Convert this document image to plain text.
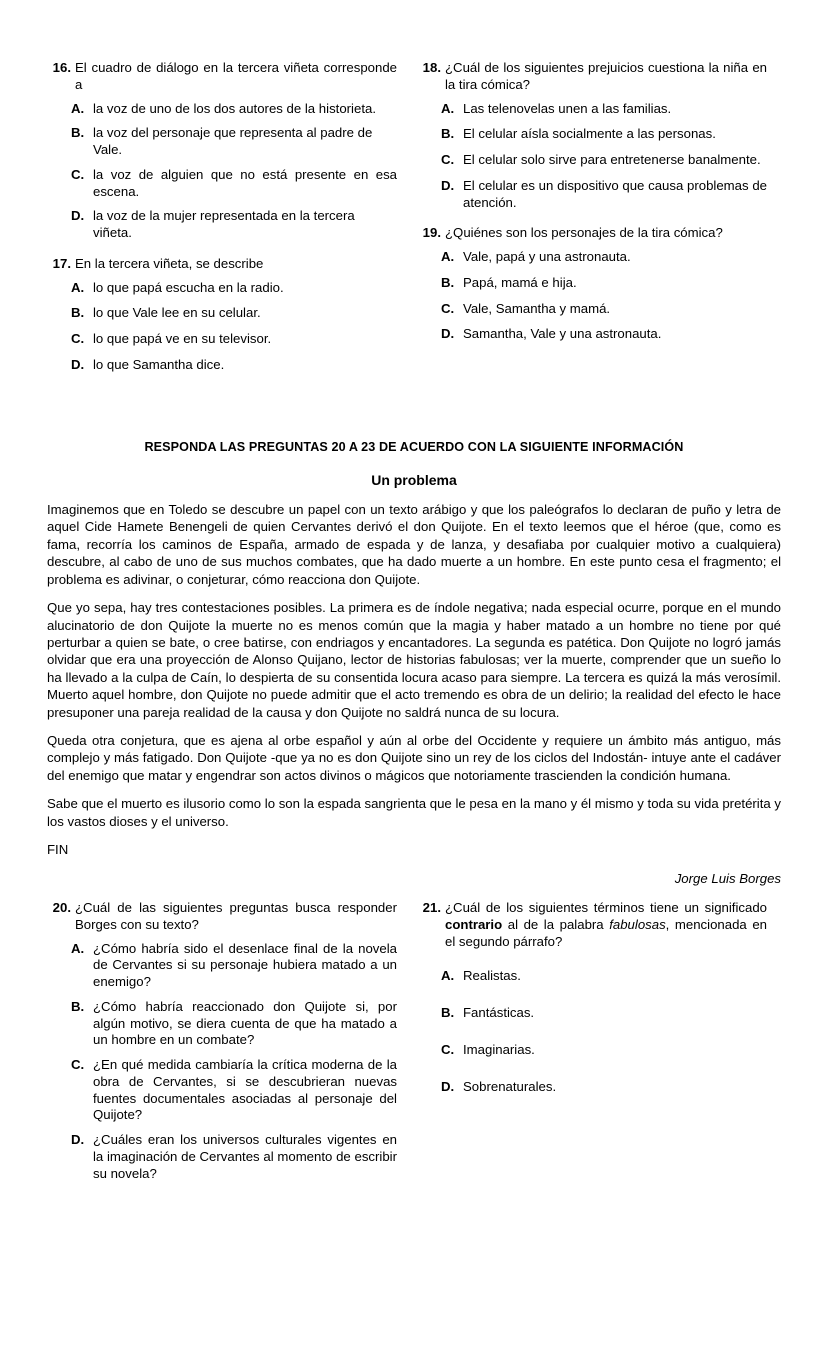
16. El cuadro de diálogo en la tercera viñeta corresponde a
A. la voz de uno de los dos autores de la historieta.
B. la voz del personaje que representa al padre de Vale.
C. la voz de alguien que no está presente en esa escena.
D. la voz de la mujer representada en la tercera viñeta.
17. En la tercera viñeta, se describe
A. lo que papá escucha en la radio.
B. lo que Vale lee en su celular.
C. lo que papá ve en su televisor.
D. lo que Samantha dice.
18. ¿Cuál de los siguientes prejuicios cuestiona la niña en la tira cómica?
A. Las telenovelas unen a las familias.
B. El celular aísla socialmente a las personas.
C. El celular solo sirve para entretenerse banalmente.
D. El celular es un dispositivo que causa problemas de atención.
19. ¿Quiénes son los personajes de la tira cómica?
A. Vale, papá y una astronauta.
B. Papá, mamá e hija.
C. Vale, Samantha y mamá.
D. Samantha, Vale y una astronauta.
RESPONDA LAS PREGUNTAS 20 A 23 DE ACUERDO CON LA SIGUIENTE INFORMACIÓN
Un problema

Imaginemos que en Toledo se descubre un papel con un texto arábigo y que los paleógrafos lo declaran de puño y letra de aquel Cide Hamete Benengeli de quien Cervantes derivó el don Quijote. En el texto leemos que el héroe (que, como es fama, recorría los caminos de España, armado de espada y de lanza, y desafiaba por cualquier motivo a cualquiera) descubre, al cabo de uno de sus muchos combates, que ha dado muerte a un hombre. En este punto cesa el fragmento; el problema es adivinar, o conjeturar, cómo reacciona don Quijote.

Que yo sepa, hay tres contestaciones posibles. La primera es de índole negativa; nada especial ocurre, porque en el mundo alucinatorio de don Quijote la muerte no es menos común que la magia y haber matado a un hombre no tiene por qué perturbar a quien se bate, o cree batirse, con endriagos y encantadores. La segunda es patética. Don Quijote no logró jamás olvidar que era una proyección de Alonso Quijano, lector de historias fabulosas; ver la muerte, comprender que un sueño lo ha llevado a la culpa de Caín, lo despierta de su consentida locura acaso para siempre. La tercera es quizá la más verosímil. Muerto aquel hombre, don Quijote no puede admitir que el acto tremendo es obra de un delirio; la realidad del efecto le hace presuponer una pareja realidad de la causa y don Quijote no saldrá nunca de su locura.

Queda otra conjetura, que es ajena al orbe español y aún al orbe del Occidente y requiere un ámbito más antiguo, más complejo y más fatigado. Don Quijote -que ya no es don Quijote sino un rey de los ciclos del Indostán- intuye ante el cadáver del enemigo que matar y engendrar son actos divinos o mágicos que notoriamente trascienden la condición humana.

Sabe que el muerto es ilusorio como lo son la espada sangrienta que le pesa en la mano y él mismo y toda su vida pretérita y los vastos dioses y el universo.

FIN

Jorge Luis Borges
20. ¿Cuál de las siguientes preguntas busca responder Borges con su texto?
A. ¿Cómo habría sido el desenlace final de la novela de Cervantes si su personaje hubiera matado a un enemigo?
B. ¿Cómo habría reaccionado don Quijote si, por algún motivo, se diera cuenta de que ha matado a un hombre en un combate?
C. ¿En qué medida cambiaría la crítica moderna de la obra de Cervantes, si se descubrieran nuevas fuentes documentales asociadas al personaje del Quijote?
D. ¿Cuáles eran los universos culturales vigentes en la imaginación de Cervantes al momento de escribir su novela?
21. ¿Cuál de los siguientes términos tiene un significado contrario al de la palabra fabulosas, mencionada en el segundo párrafo?
A. Realistas.
B. Fantásticas.
C. Imaginarias.
D. Sobrenaturales.
